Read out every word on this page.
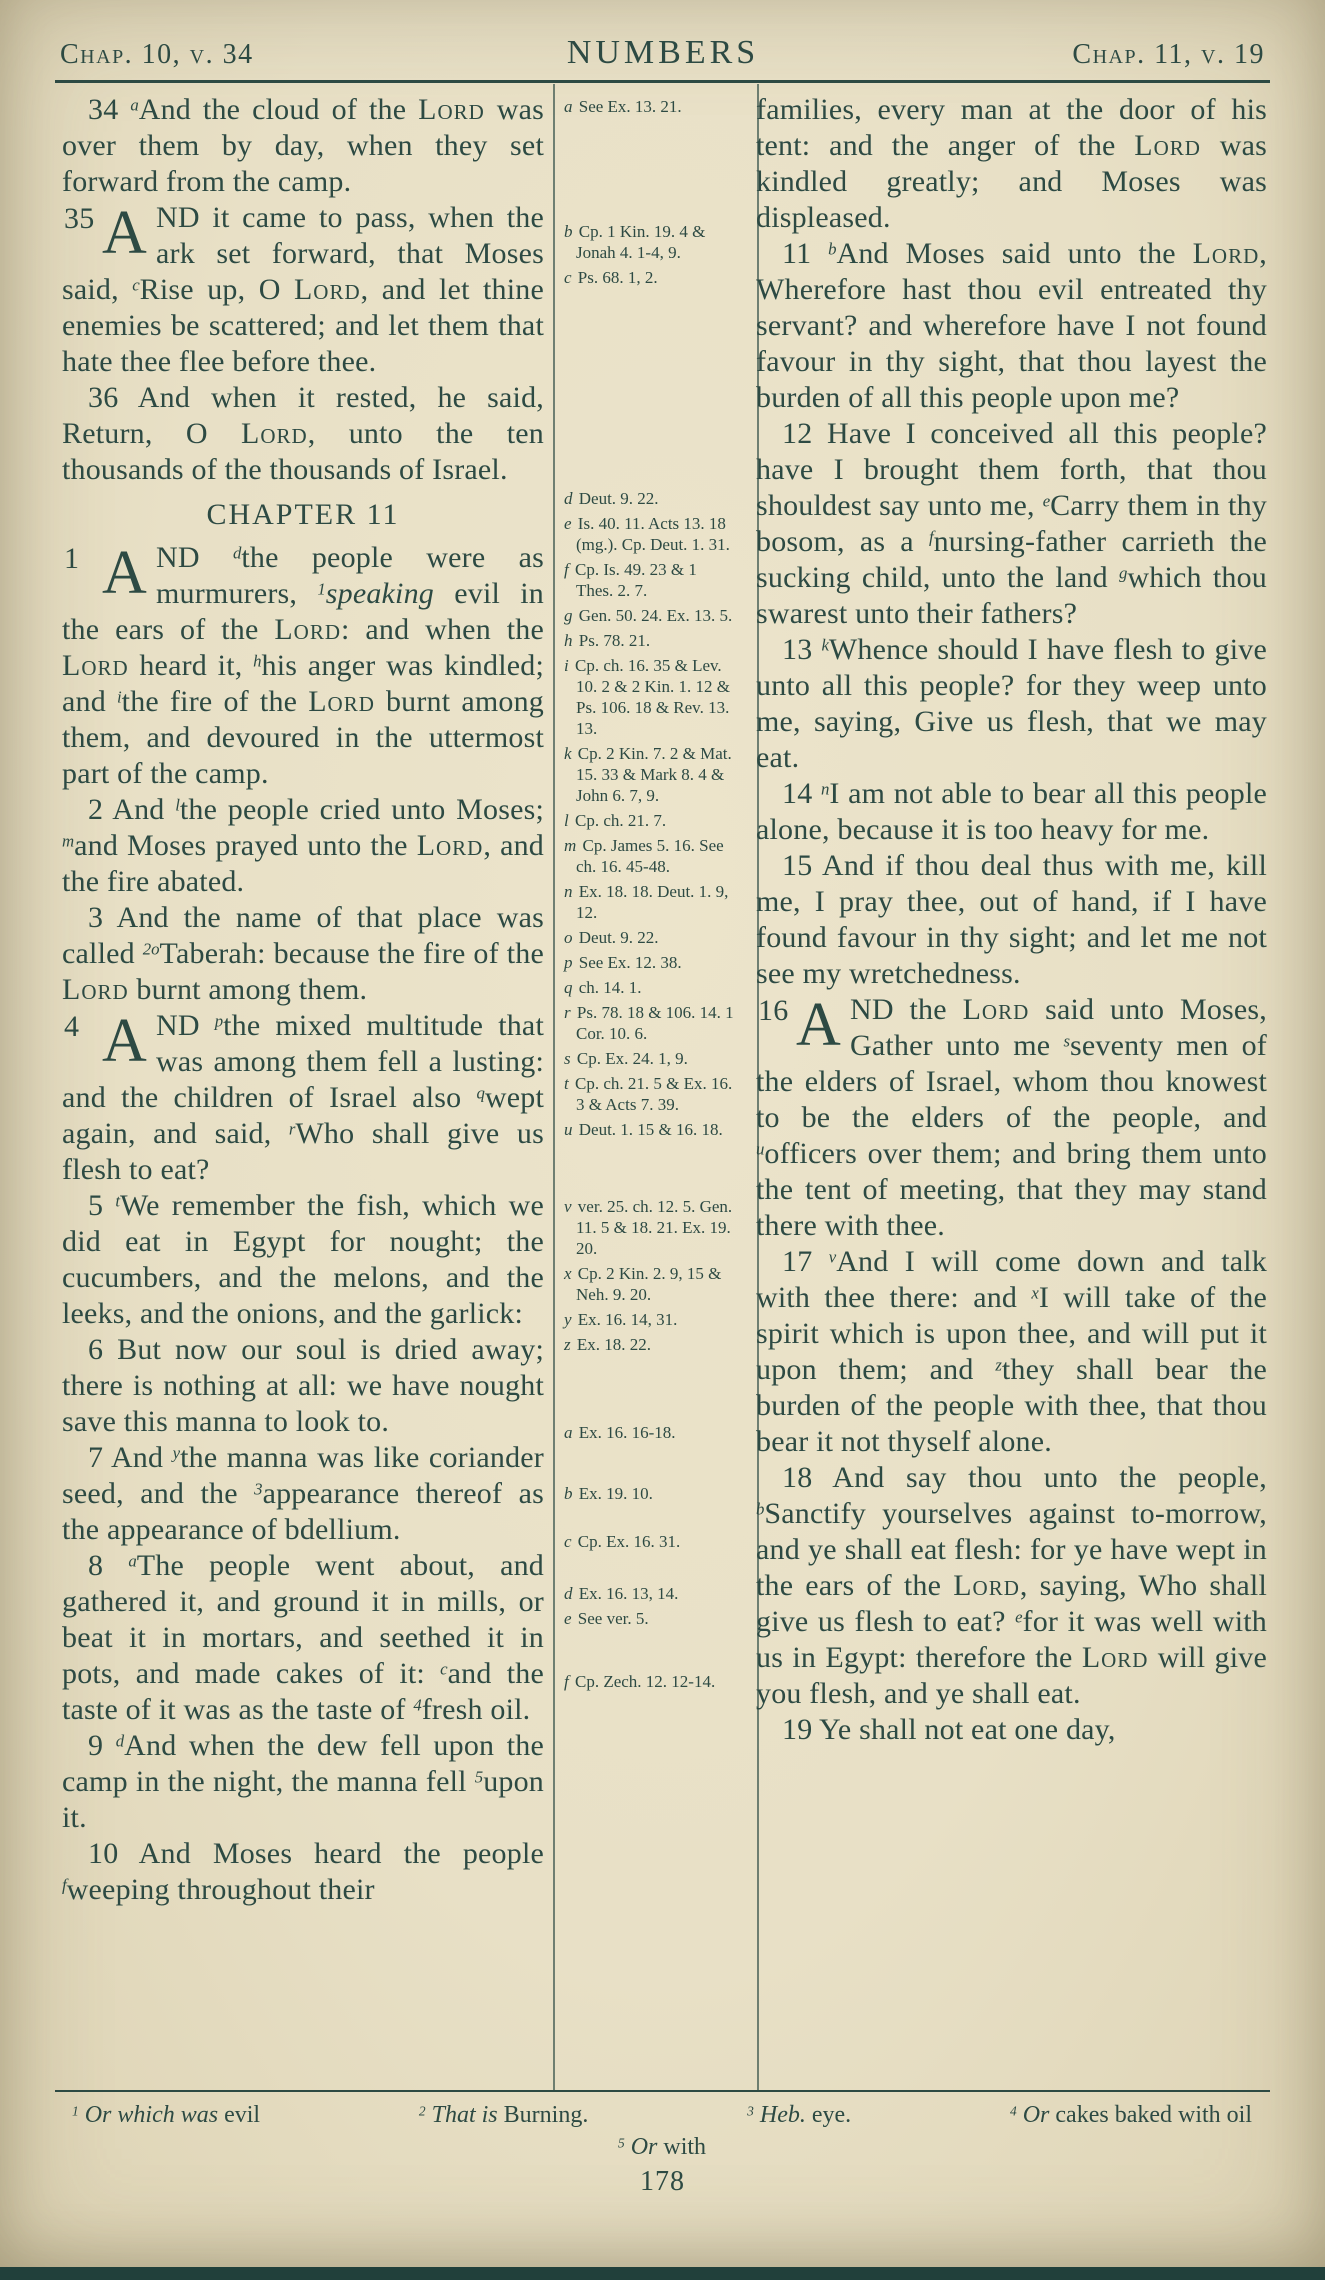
Chap. 10, v. 34	NUMBERS	Chap. 11, v. 19

34 $^a$And the cloud of the Lord was over them by day, when they set forward from the camp.

35 A ND it came to pass, when the ark set forward, that Moses said, $^c$Rise up, O Lord, and let thine enemies be scattered; and let them that hate thee flee before thee.

36 And when it rested, he said, Return, O Lord, unto the ten thousands of the thousands of Israel.

CHAPTER 11

1 A ND $^d$the people were as murmurers, $^1$speaking evil in the ears of the Lord: and when the Lord heard it, $^h$his anger was kindled; and $^i$the fire of the Lord burnt among them, and devoured in the uttermost part of the camp.

2 And $^l$the people cried unto Moses; $^m$and Moses prayed unto the Lord, and the fire abated.

3 And the name of that place was called $^{2o}$Taberah: because the fire of the Lord burnt among them.

4 A ND $^p$the mixed multitude that was among them fell a lusting: and the children of Israel also $^q$wept again, and said, $^r$Who shall give us flesh to eat?

5 $^t$We remember the fish, which we did eat in Egypt for nought; the cucumbers, and the melons, and the leeks, and the onions, and the garlick:

6 But now our soul is dried away; there is nothing at all: we have nought save this manna to look to.

7 And $^y$the manna was like coriander seed, and the $^3$appearance thereof as the appearance of bdellium.

8 $^a$The people went about, and gathered it, and ground it in mills, or beat it in mortars, and seethed it in pots, and made cakes of it: $^c$and the taste of it was as the taste of $^4$fresh oil.

9 $^d$And when the dew fell upon the camp in the night, the manna fell $^5$upon it.

10 And Moses heard the people $^f$weeping throughout their

a See Ex. 13. 21.
b Cp. 1 Kin. 19. 4 & Jonah 4. 1-4, 9.
c Ps. 68. 1, 2.
d Deut. 9. 22.
e Is. 40. 11. Acts 13. 18 (mg.). Cp. Deut. 1. 31.
f Cp. Is. 49. 23 & 1 Thes. 2. 7.
g Gen. 50. 24. Ex. 13. 5.
h Ps. 78. 21.
i Cp. ch. 16. 35 & Lev. 10. 2 & 2 Kin. 1. 12 & Ps. 106. 18 & Rev. 13. 13.
k Cp. 2 Kin. 7. 2 & Mat. 15. 33 & Mark 8. 4 & John 6. 7, 9.
l Cp. ch. 21. 7.
m Cp. James 5. 16. See ch. 16. 45-48.
n Ex. 18. 18. Deut. 1. 9, 12.
o Deut. 9. 22.
p See Ex. 12. 38.
q ch. 14. 1.
r Ps. 78. 18 & 106. 14. 1 Cor. 10. 6.
s Cp. Ex. 24. 1, 9.
t Cp. ch. 21. 5 & Ex. 16. 3 & Acts 7. 39.
u Deut. 1. 15 & 16. 18.
v ver. 25. ch. 12. 5. Gen. 11. 5 & 18. 21. Ex. 19. 20.
x Cp. 2 Kin. 2. 9, 15 & Neh. 9. 20.
y Ex. 16. 14, 31.
z Ex. 18. 22.
a Ex. 16. 16-18.
b Ex. 19. 10.
c Cp. Ex. 16. 31.
d Ex. 16. 13, 14.
e See ver. 5.
f Cp. Zech. 12. 12-14.

families, every man at the door of his tent: and the anger of the Lord was kindled greatly; and Moses was displeased.

11 $^b$And Moses said unto the Lord, Wherefore hast thou evil entreated thy servant? and wherefore have I not found favour in thy sight, that thou layest the burden of all this people upon me?

12 Have I conceived all this people? have I brought them forth, that thou shouldest say unto me, $^e$Carry them in thy bosom, as a $^f$nursing-father carrieth the sucking child, unto the land $^g$which thou swarest unto their fathers?

13 $^k$Whence should I have flesh to give unto all this people? for they weep unto me, saying, Give us flesh, that we may eat.

14 $^n$I am not able to bear all this people alone, because it is too heavy for me.

15 And if thou deal thus with me, kill me, I pray thee, out of hand, if I have found favour in thy sight; and let me not see my wretchedness.

16 A ND the Lord said unto Moses, Gather unto me $^s$seventy men of the elders of Israel, whom thou knowest to be the elders of the people, and $^u$officers over them; and bring them unto the tent of meeting, that they may stand there with thee.

17 $^v$And I will come down and talk with thee there: and $^x$I will take of the spirit which is upon thee, and will put it upon them; and $^z$they shall bear the burden of the people with thee, that thou bear it not thyself alone.

18 And say thou unto the people, $^b$Sanctify yourselves against to-morrow, and ye shall eat flesh: for ye have wept in the ears of the Lord, saying, Who shall give us flesh to eat? $^e$for it was well with us in Egypt: therefore the Lord will give you flesh, and ye shall eat.

19 Ye shall not eat one day,

$^1$ Or which was evil	$^2$ That is Burning.	$^3$ Heb. eye.	$^4$ Or cakes baked with oil
$^5$ Or with
178
